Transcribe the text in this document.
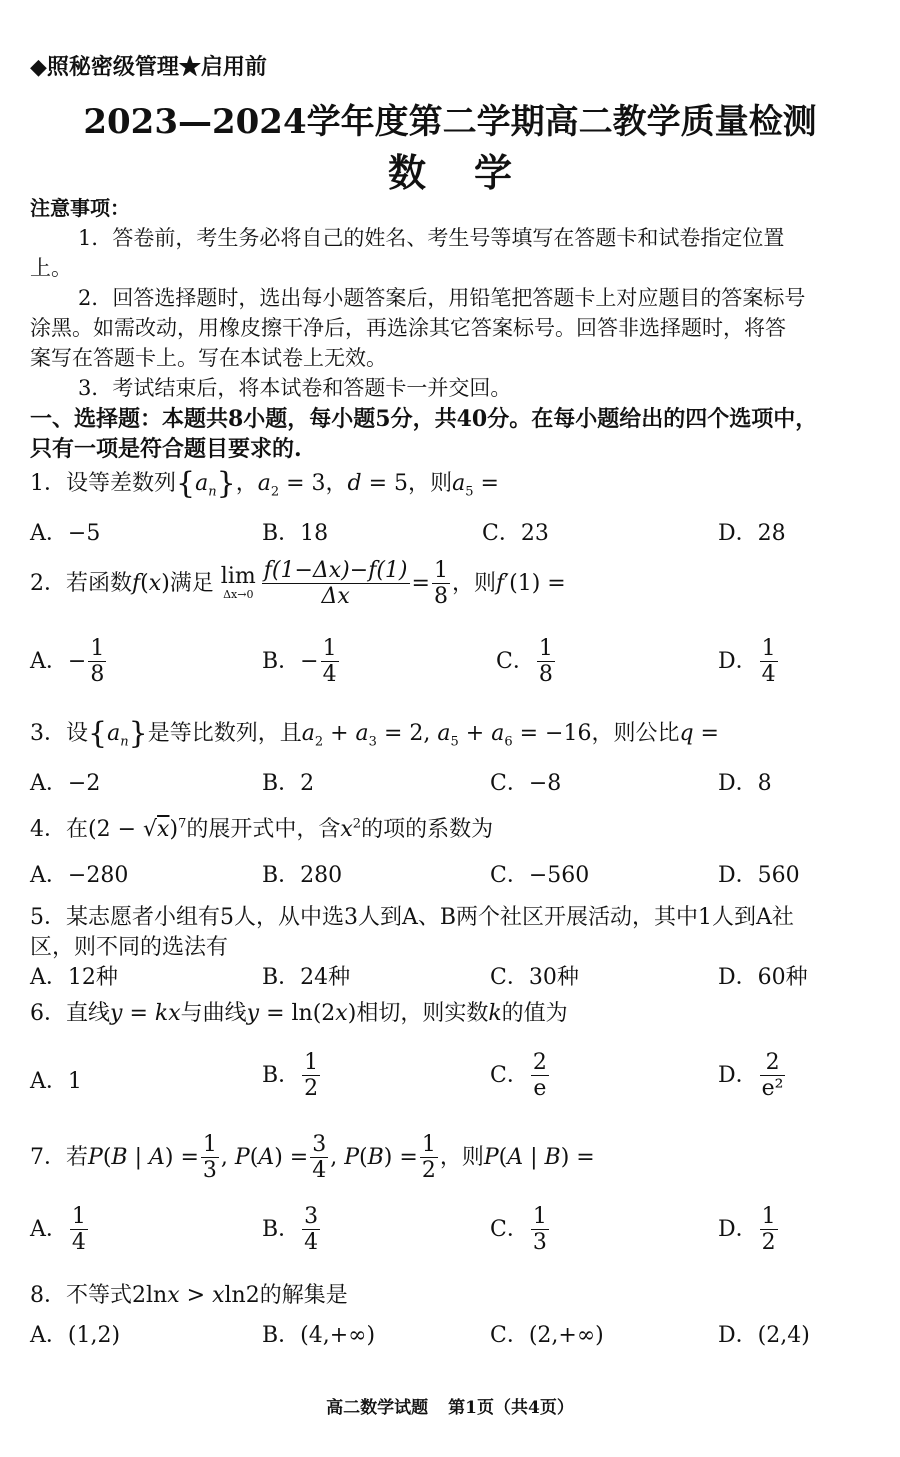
◆照秘密级管理★启用前
2023—2024学年度第二学期高二教学质量检测
数学
注意事项：
1．答卷前，考生务必将自己的姓名、考生号等填写在答题卡和试卷指定位置
上。
2．回答选择题时，选出每小题答案后，用铅笔把答题卡上对应题目的答案标号
涂黑。如需改动，用橡皮擦干净后，再选涂其它答案标号。回答非选择题时，将答
案写在答题卡上。写在本试卷上无效。
3．考试结束后，将本试卷和答题卡一并交回。
一、选择题：本题共8小题，每小题5分，共40分。在每小题给出的四个选项中，
只有一项是符合题目要求的.
1．设等差数列$\{a_n\}$，$a_2 = 3$，d = 5，则$a_5$ =
A．−5	B．18	C．23	D．28
2．若函数f(x)满足 lim
$\Delta x\to 0 \frac{f(1-\Delta x)-f(1)}{\Delta x} = \frac{1}{8}$ ，则f′(1) =
A．− $\frac{1}{8}$	B．− $\frac{1}{4}$	C． $\frac{1}{8}$	D． $\frac{1}{4}$
3．设$\{a_n\}$是等比数列，且$a_2 + a_3 = 2$, $a_5 + a_6 = -16$，则公比q =
A．−2	B．2	C．−8	D．8
4．在$(2 - √x)^7$的展开式中，含$x^2$的项的系数为
A．−280	B．280	C．−560	D．560
5．某志愿者小组有5人，从中选3人到A、B两个社区开展活动，其中1人到A社
区，则不同的选法有
A．12种	B．24种	C．30种	D．60种
6．直线y = kx与曲线y = ln(2x)相切，则实数k的值为
A．1	B． $\frac{1}{2}$	C． $\frac{2}{e}$	D． $\frac{2}{\text{e²}}$
7．若P(B | $A) = \frac{1}{3}$ , $P(A) = \frac{3}{4}$ , $P(B) = \frac{1}{2}$ ，则P(A | B) =
A． $\frac{1}{4}$	B． $\frac{3}{4}$	C． $\frac{1}{3}$	D． $\frac{1}{2}$
8．不等式2lnx > xln2的解集是
A．(1,2)	B．(4,+∞)	C．(2,+∞)	D．(2,4)
高二数学试题 第1页（共4页）
